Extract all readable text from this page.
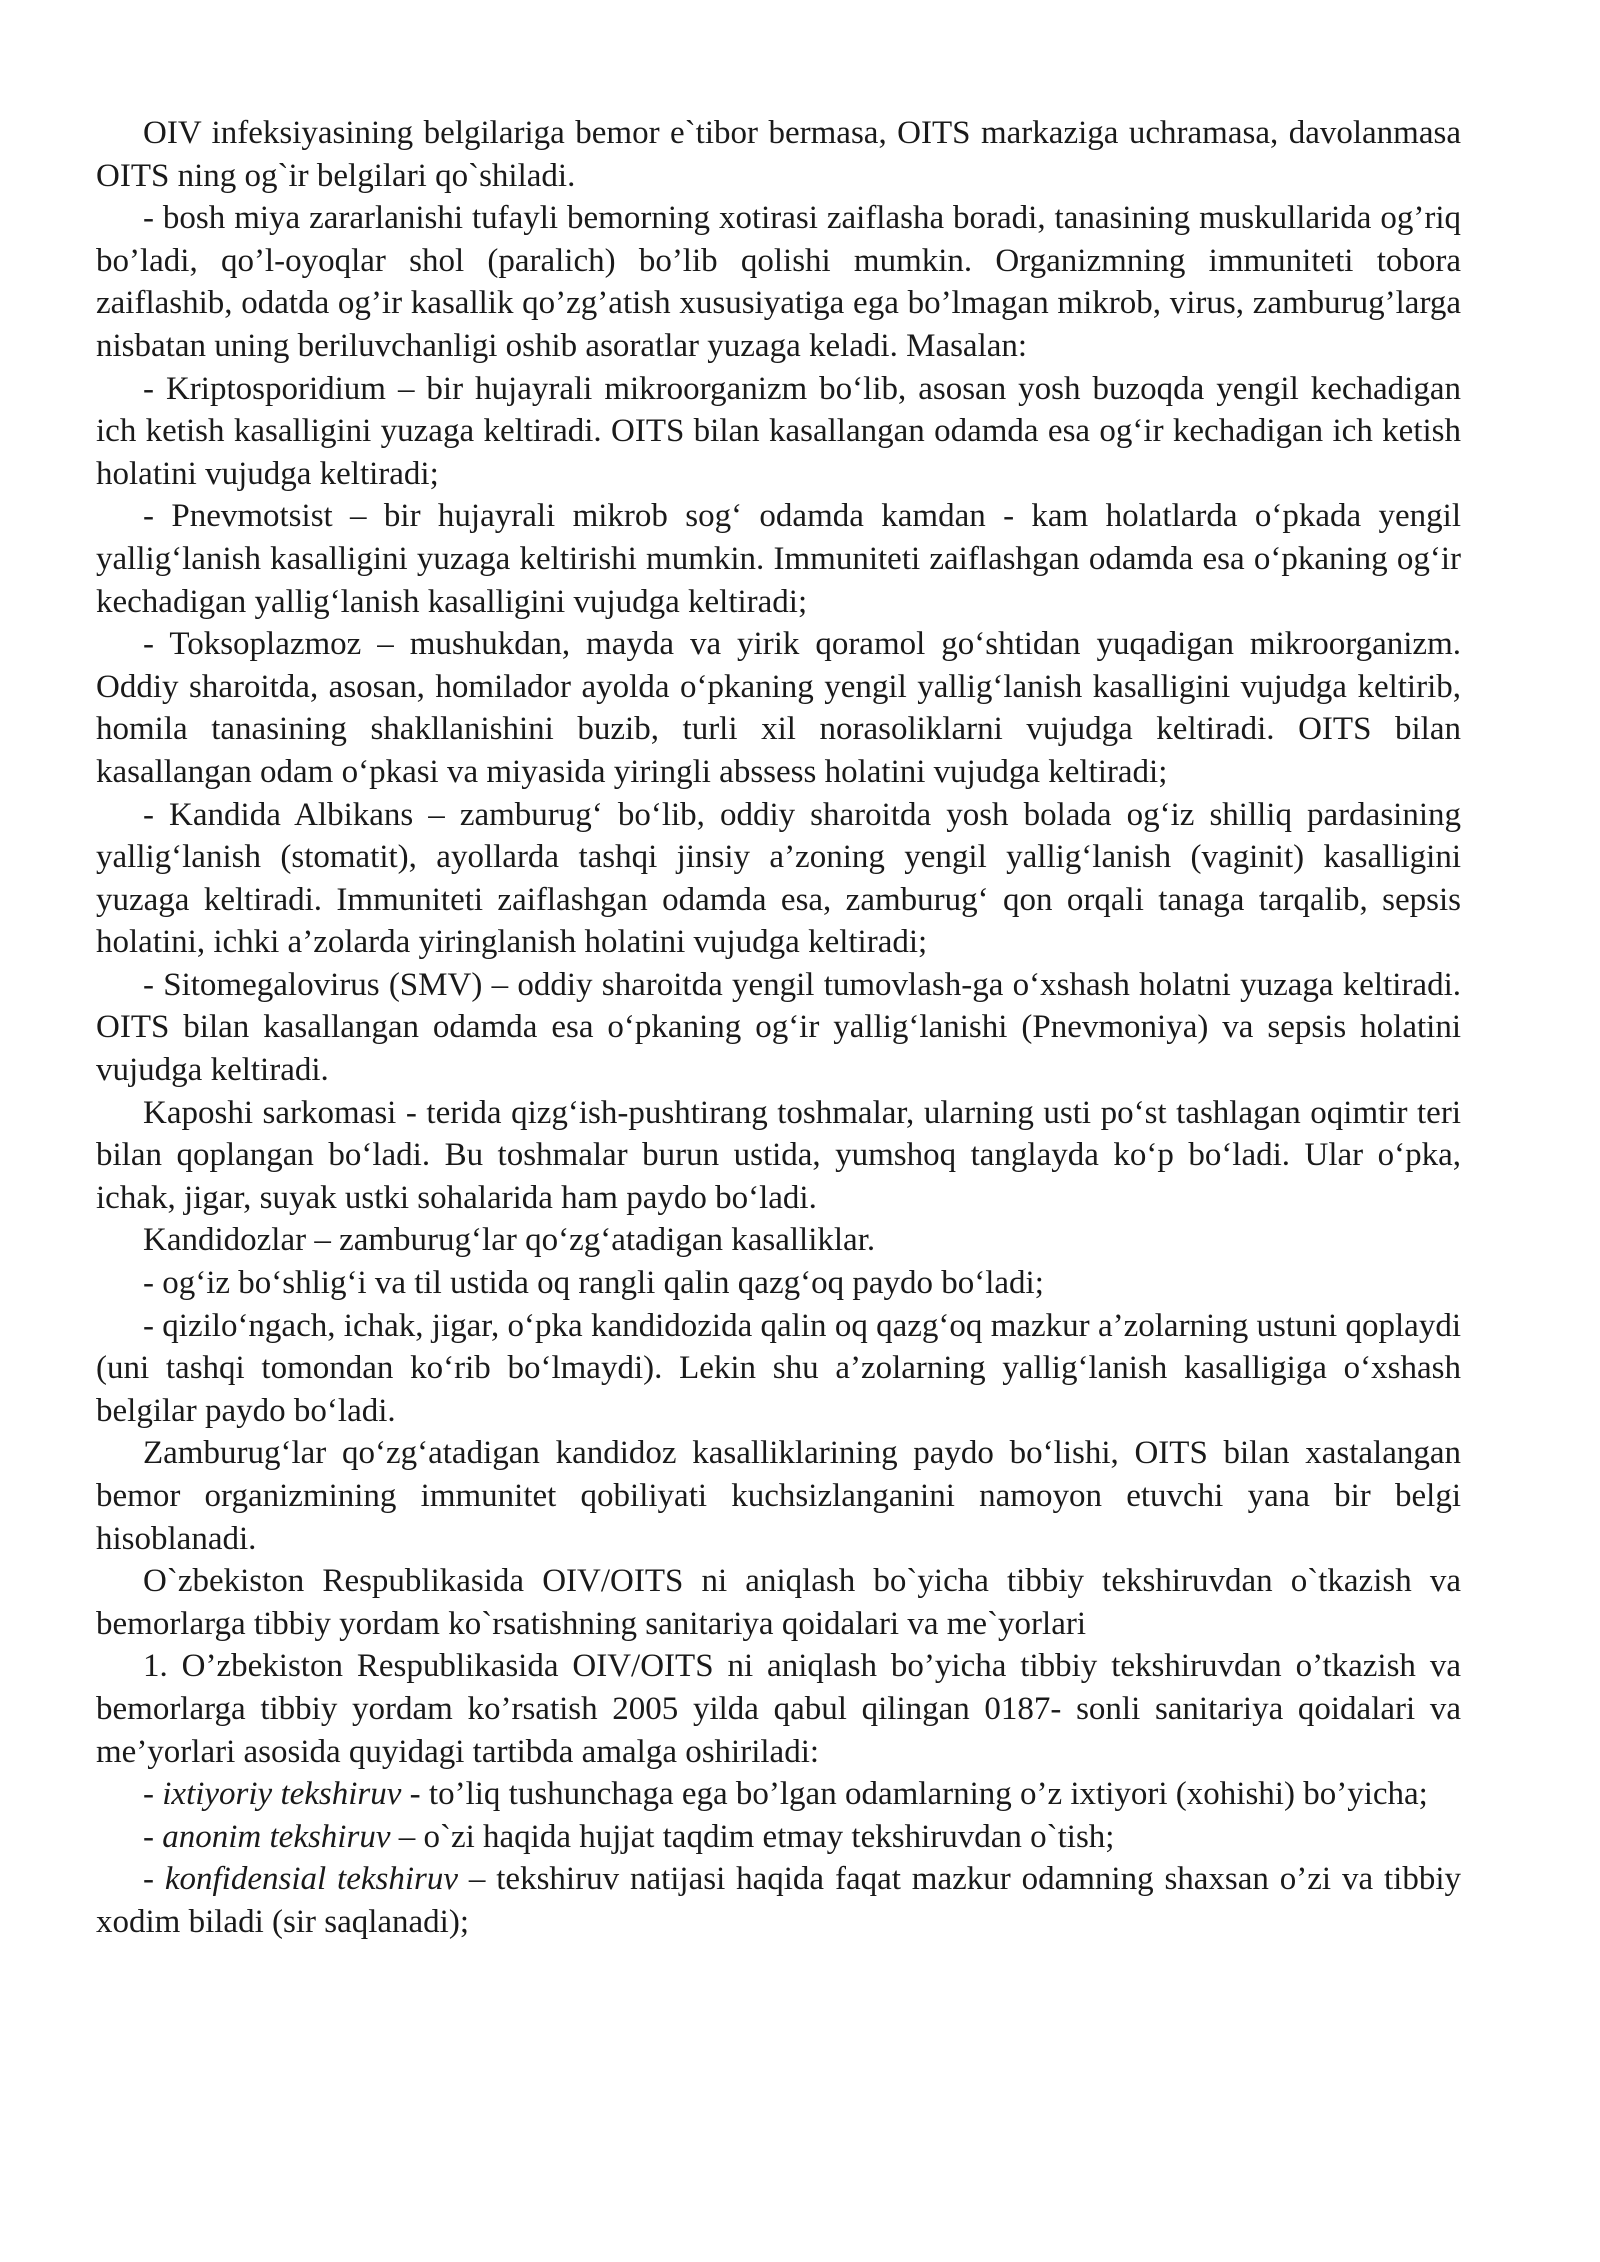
OIV infeksiyasining belgilariga bemor e`tibor bermasa, OITS markaziga uchramasa, davolanmasa OITS ning og`ir belgilari qo`shiladi.

- bosh miya zararlanishi tufayli bemorning xotirasi zaiflasha boradi, tanasining muskullarida og’riq bo’ladi, qo’l-oyoqlar shol (paralich) bo’lib qolishi mumkin. Organizmning immuniteti tobora zaiflashib, odatda og’ir kasallik qo’zg’atish xususiyatiga ega bo’lmagan mikrob, virus, zamburug’larga nisbatan uning beriluvchanligi oshib asoratlar yuzaga keladi. Masalan:

- Kriptosporidium – bir hujayrali mikroorganizm bo‘lib, asosan yosh buzoqda yengil kechadigan ich ketish kasalligini yuzaga keltiradi. OITS bilan kasallangan odamda esa og‘ir kechadigan ich ketish holatini vujudga keltiradi;

- Pnevmotsist – bir hujayrali mikrob sog‘ odamda kamdan - kam holatlarda o‘pkada yengil yallig‘lanish kasalligini yuzaga keltirishi mumkin. Immuniteti zaiflashgan odamda esa o‘pkaning og‘ir kechadigan yallig‘lanish kasalligini vujudga keltiradi;

- Toksoplazmoz – mushukdan, mayda va yirik qoramol go‘shtidan yuqadigan mikroorganizm. Oddiy sharoitda, asosan, homilador ayolda o‘pkaning yengil yallig‘lanish kasalligini vujudga keltirib, homila tanasining shakllanishini buzib, turli xil norasoliklarni vujudga keltiradi. OITS bilan kasallangan odam o‘pkasi va miyasida yiringli abssess holatini vujudga keltiradi;

- Kandida Albikans – zamburug‘ bo‘lib, oddiy sharoitda yosh bolada og‘iz shilliq pardasining yallig‘lanish (stomatit), ayollarda tashqi jinsiy a’zoning yengil yallig‘lanish (vaginit) kasalligini yuzaga keltiradi. Immuniteti zaiflashgan odamda esa, zamburug‘ qon orqali tanaga tarqalib, sepsis holatini, ichki a’zolarda yiringlanish holatini vujudga keltiradi;

- Sitomegalovirus (SMV) – oddiy sharoitda yengil tumovlash-ga o‘xshash holatni yuzaga keltiradi. OITS bilan kasallangan odamda esa o‘pkaning og‘ir yallig‘lanishi (Pnevmoniya) va sepsis holatini vujudga keltiradi.

Kaposhi sarkomasi - terida qizg‘ish-pushtirang toshmalar, ularning usti po‘st tashlagan oqimtir teri bilan qoplangan bo‘ladi. Bu toshmalar burun ustida, yumshoq tanglayda ko‘p bo‘ladi. Ular o‘pka, ichak, jigar, suyak ustki sohalarida ham paydo bo‘ladi.

Kandidozlar – zamburug‘lar qo‘zg‘atadigan kasalliklar.

- og‘iz bo‘shlig‘i va til ustida oq rangli qalin qazg‘oq paydo bo‘ladi;

- qizilo‘ngach, ichak, jigar, o‘pka kandidozida qalin oq qazg‘oq mazkur a’zolarning ustuni qoplaydi (uni tashqi tomondan ko‘rib bo‘lmaydi). Lekin shu a’zolarning yallig‘lanish kasalligiga o‘xshash belgilar paydo bo‘ladi.

Zamburug‘lar qo‘zg‘atadigan kandidoz kasalliklarining paydo bo‘lishi, OITS bilan xastalangan bemor organizmining immunitet qobiliyati kuchsizlanganini namoyon etuvchi yana bir belgi hisoblanadi.

O`zbekiston Respublikasida OIV/OITS ni aniqlash bo`yicha tibbiy tekshiruvdan o`tkazish va bemorlarga tibbiy yordam ko`rsatishning sanitariya qoidalari va me`yorlari

1. O’zbekiston Respublikasida OIV/OITS ni aniqlash bo’yicha tibbiy tekshiruvdan o’tkazish va bemorlarga tibbiy yordam ko’rsatish 2005 yilda qabul qilingan 0187- sonli sanitariya qoidalari va me’yorlari asosida quyidagi tartibda amalga oshiriladi:

- ixtiyoriy tekshiruv - to’liq tushunchaga ega bo’lgan odamlarning o’z ixtiyori (xohishi) bo’yicha;

- anonim tekshiruv – o`zi haqida hujjat taqdim etmay tekshiruvdan o`tish;

- konfidensial tekshiruv – tekshiruv natijasi haqida faqat mazkur odamning shaxsan o’zi va tibbiy xodim biladi (sir saqlanadi);
